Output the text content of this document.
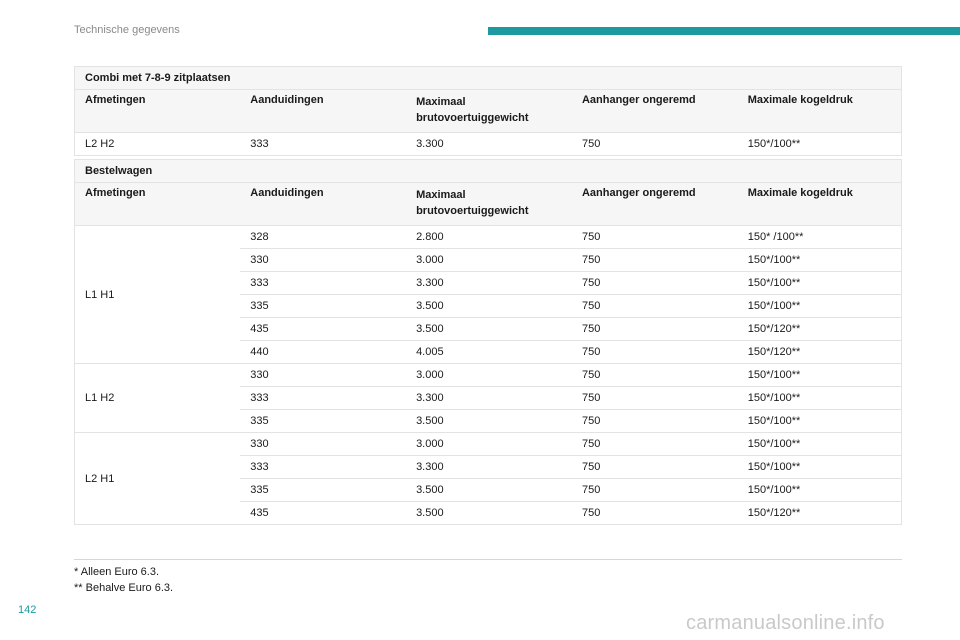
Technische gegevens
Combi met 7-8-9 zitplaatsen				
Afmetingen	Aanduidingen	Maximaal brutovoertuiggewicht	Aanhanger ongeremd	Maximale kogeldruk
L2 H2	333	3.300	750	150*/100**
Bestelwagen				
Afmetingen	Aanduidingen	Maximaal brutovoertuiggewicht	Aanhanger ongeremd	Maximale kogeldruk
L1 H1	328	2.800	750	150* /100**
	330	3.000	750	150*/100**
	333	3.300	750	150*/100**
	335	3.500	750	150*/100**
	435	3.500	750	150*/120**
	440	4.005	750	150*/120**
L1 H2	330	3.000	750	150*/100**
	333	3.300	750	150*/100**
	335	3.500	750	150*/100**
L2 H1	330	3.000	750	150*/100**
	333	3.300	750	150*/100**
	335	3.500	750	150*/100**
	435	3.500	750	150*/120**
* Alleen Euro 6.3.
** Behalve Euro 6.3.
142
carmanualsonline.info
